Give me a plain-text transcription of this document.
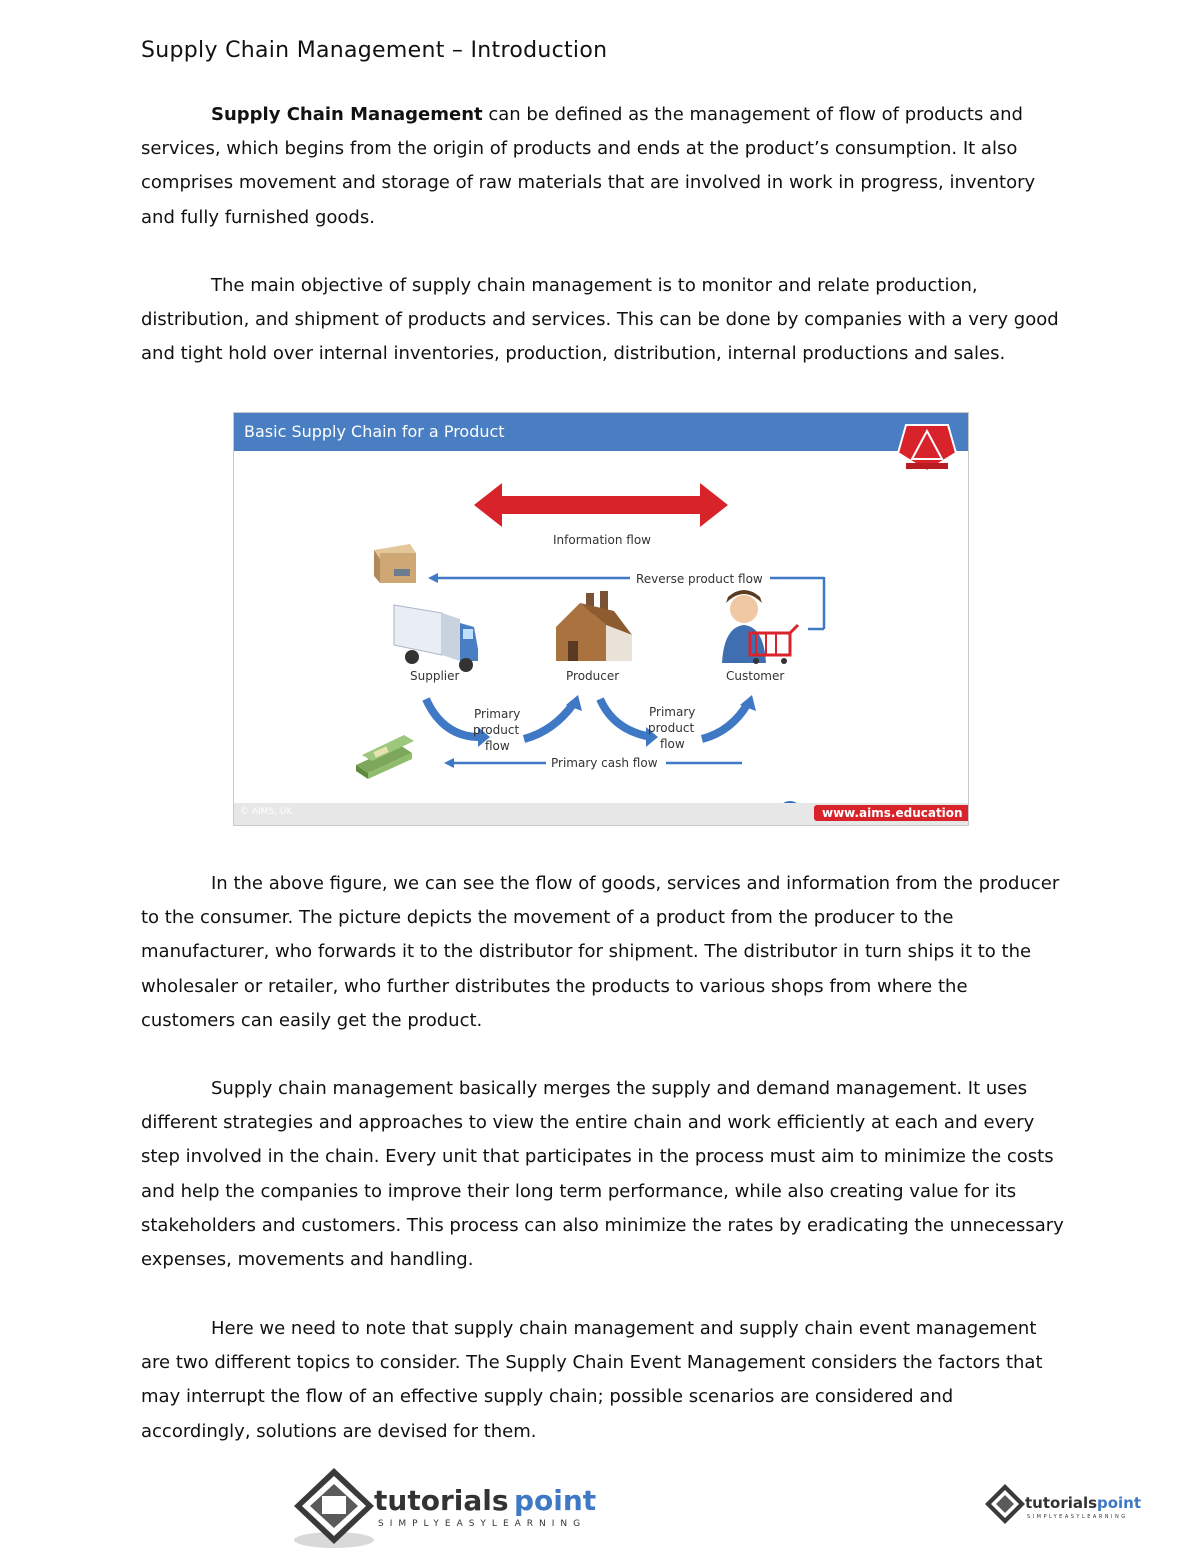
Supply Chain Management – Introduction

Supply Chain Management can be defined as the management of flow of products and services, which begins from the origin of products and ends at the product’s consumption. It also comprises movement and storage of raw materials that are involved in work in progress, inventory and fully furnished goods.

The main objective of supply chain management is to monitor and relate production, distribution, and shipment of products and services. This can be done by companies with a very good and tight hold over internal inventories, production, distribution, internal productions and sales.

Basic Supply Chain for a Product
Information flow
Reverse product flow
Supplier	Producer	Customer
Primary
product
flow
Primary
product
flow
Primary cash flow
© AIMS, UK	www.aims.education

In the above figure, we can see the flow of goods, services and information from the producer to the consumer. The picture depicts the movement of a product from the producer to the manufacturer, who forwards it to the distributor for shipment. The distributor in turn ships it to the wholesaler or retailer, who further distributes the products to various shops from where the customers can easily get the product.

Supply chain management basically merges the supply and demand management. It uses different strategies and approaches to view the entire chain and work efficiently at each and every step involved in the chain. Every unit that participates in the process must aim to minimize the costs and help the companies to improve their long term performance, while also creating value for its stakeholders and customers. This process can also minimize the rates by eradicating the unnecessary expenses, movements and handling.

Here we need to note that supply chain management and supply chain event management are two different topics to consider. The Supply Chain Event Management considers the factors that may interrupt the flow of an effective supply chain; possible scenarios are considered and accordingly, solutions are devised for them.

tutorials point
SIMPLYEASYLEARNING
tutorials point
SIMPLYEASYLEARNING
